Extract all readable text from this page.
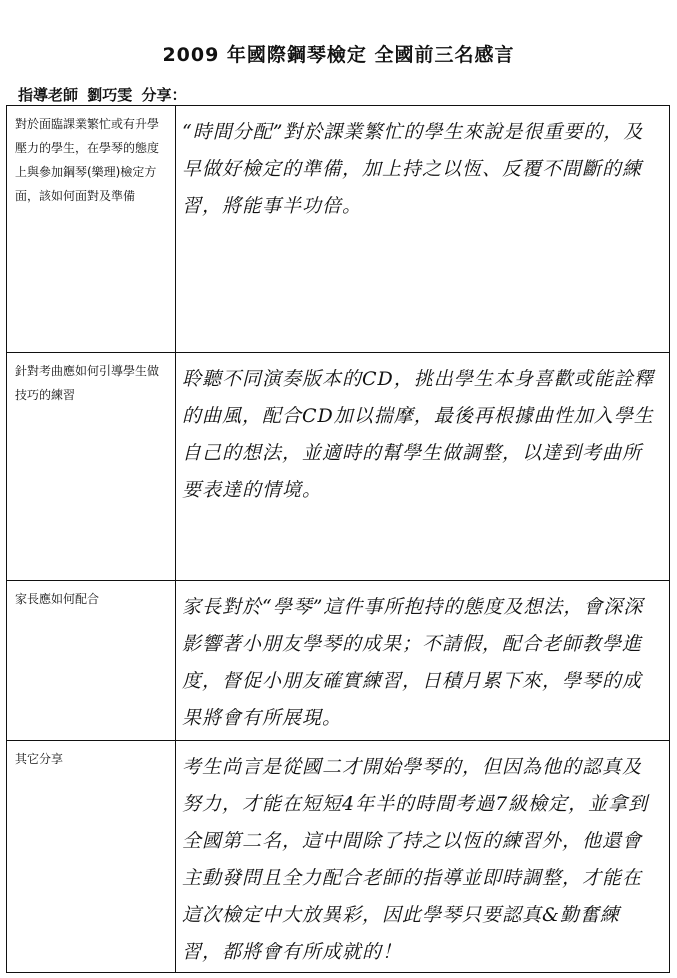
2009 年國際鋼琴檢定 全國前三名感言
指導老師 劉巧雯 分享：
對於面臨課業繁忙或有升學壓力的學生，在學琴的態度上與參加鋼琴(樂理)檢定方面，該如何面對及準備	“時間分配”對於課業繁忙的學生來說是很重要的，及早做好檢定的準備，加上持之以恆、反覆不間斷的練習，將能事半功倍。

針對考曲應如何引導學生做技巧的練習	聆聽不同演奏版本的CD，挑出學生本身喜歡或能詮釋的曲風，配合CD加以揣摩，最後再根據曲性加入學生自己的想法，並適時的幫學生做調整，以達到考曲所要表達的情境。

家長應如何配合	家長對於“學琴”這件事所抱持的態度及想法，會深深影響著小朋友學琴的成果；不請假，配合老師教學進度，督促小朋友確實練習，日積月累下來，學琴的成果將會有所展現。

其它分享	考生尚言是從國二才開始學琴的，但因為他的認真及努力，才能在短短4年半的時間考過7級檢定，並拿到全國第二名，這中間除了持之以恆的練習外，他還會主動發問且全力配合老師的指導並即時調整，才能在這次檢定中大放異彩，因此學琴只要認真&勤奮練習，都將會有所成就的！
